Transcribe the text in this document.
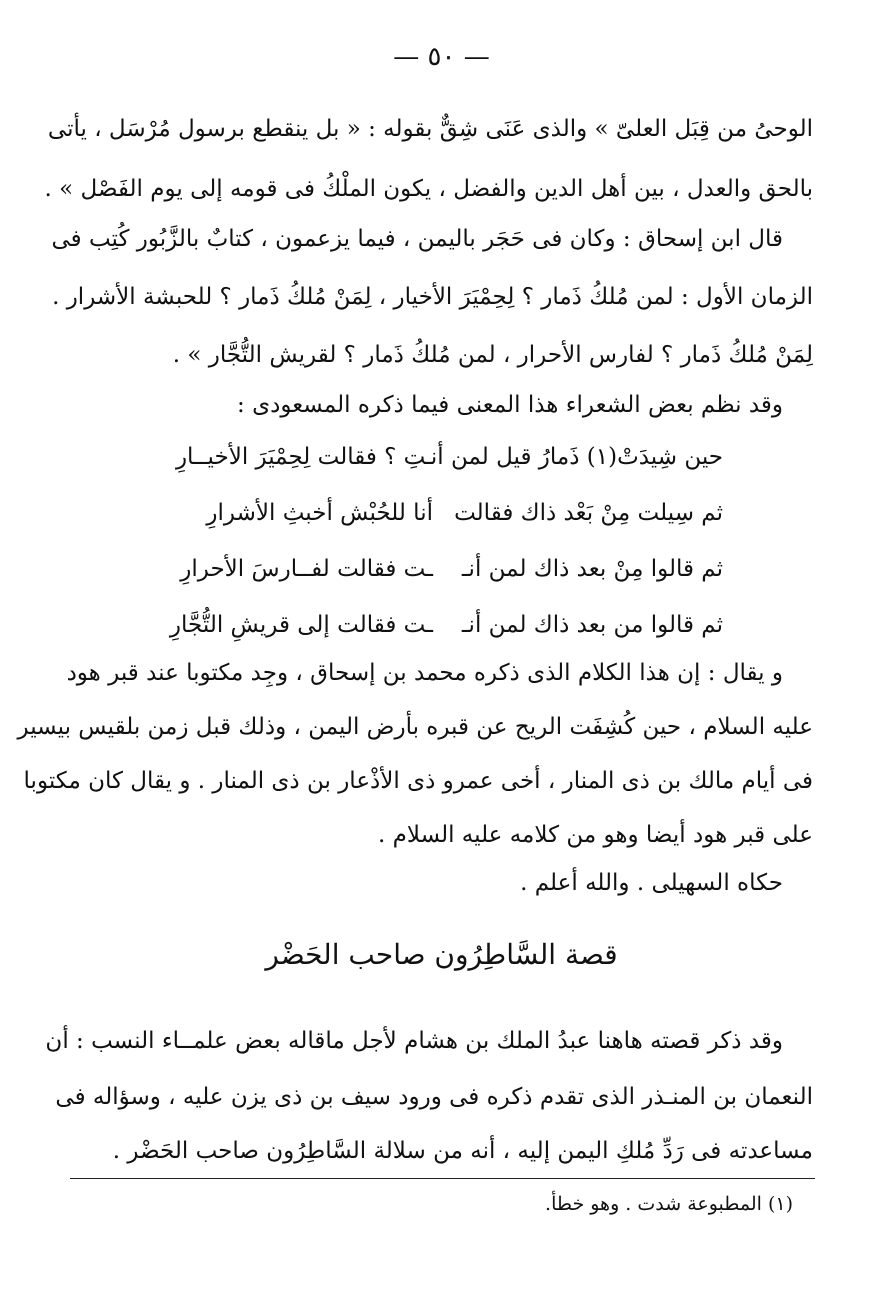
— ٥٠ —

الوحىُ من قِبَل العلىّ » والذى عَنَى شِقٌّ بقوله : « بل ينقطع برسول مُرْسَل ، يأتى

بالحق والعدل ، بين أهل الدين والفضل ، يكون الملْكُ فى قومه إلى يوم الفَصْل » .

قال ابن إسحاق : وكان فى حَجَر باليمن ، فيما يزعمون ، كتابٌ بالزَّبُور كُتِب فى

الزمان الأول : لمن مُلكُ ذَمار ؟ لِحِمْيَرَ الأخيار ، لِمَنْ مُلكُ ذَمار ؟ للحبشة الأشرار .

لِمَنْ مُلكُ ذَمار ؟ لفارس الأحرار ، لمن مُلكُ ذَمار ؟ لقريش التُّجَّار » .

وقد نظم بعض الشعراء هذا المعنى فيما ذكره المسعودى :

حين شِيدَتْ(١) ذَمارُ قيل لمن أنـ
ـتِ ؟ فقالت لِحِمْيَرَ الأخيــارِ
ثم سِيلت مِنْ بَعْد ذاك فقالت
أنا للحُبْش أخبثِ الأشرارِ
ثم قالوا مِنْ بعد ذاك لمن أنـ
ـت فقالت لفــارسَ الأحرارِ
ثم قالوا من بعد ذاك لمن أنـ
ـت فقالت إلى قريشِ التُّجَّارِ

و يقال : إن هذا الكلام الذى ذكره محمد بن إسحاق ، وجِد مكتوبا عند قبر هود

عليه السلام ، حين كُشِفَت الريح عن قبره بأرض اليمن ، وذلك قبل زمن بلقيس بيسير

فى أيام مالك بن ذى المنار ، أخى عمرو ذى الأذْعار بن ذى المنار . و يقال كان مكتوبا

على قبر هود أيضا وهو من كلامه عليه السلام .

حكاه السهيلى . والله أعلم .

قصة السَّاطِرُون صاحب الحَضْر

وقد ذكر قصته هاهنا عبدُ الملك بن هشام لأجل ماقاله بعض علمــاء النسب : أن

النعمان بن المنـذر الذى تقدم ذكره فى ورود سيف بن ذى يزن عليه ، وسؤاله فى

مساعدته فى رَدِّ مُلكِ اليمن إليه ، أنه من سلالة السَّاطِرُون صاحب الحَضْر .

(١) المطبوعة شدت . وهو خطأ.
